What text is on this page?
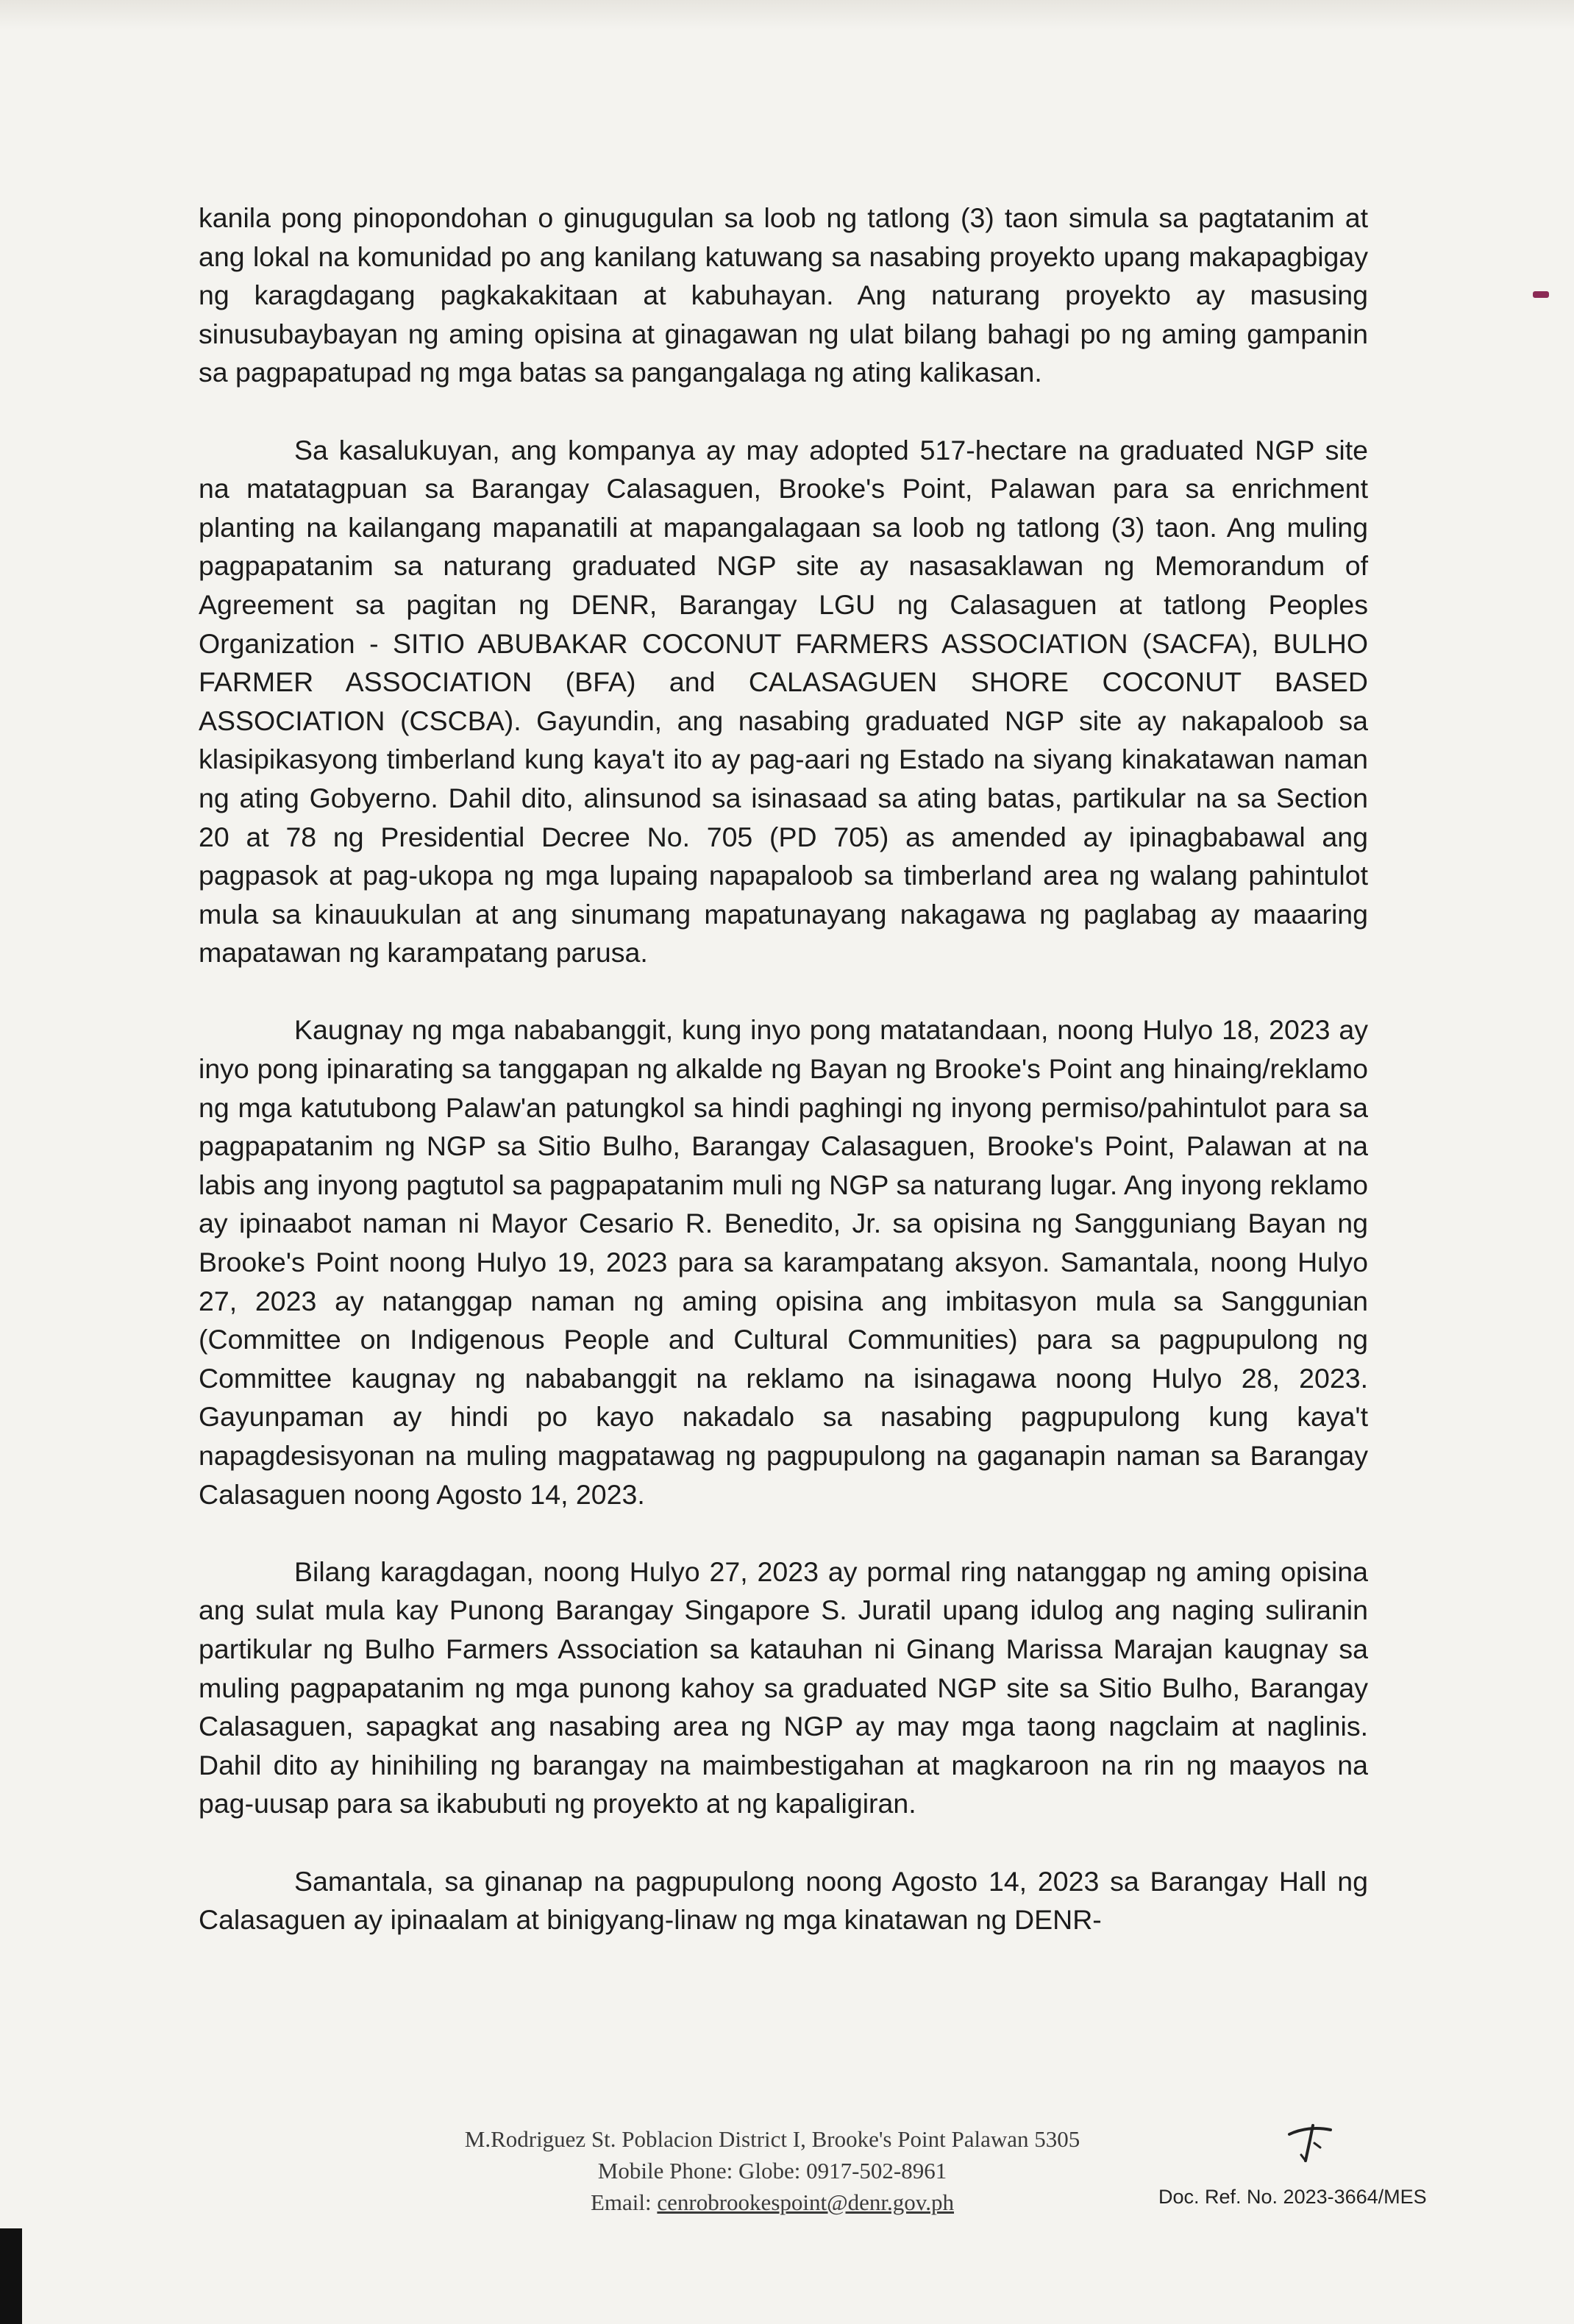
kanila pong pinopondohan o ginugugulan sa loob ng tatlong (3) taon simula sa pagtatanim at ang lokal na komunidad po ang kanilang katuwang sa nasabing proyekto upang makapagbigay ng karagdagang pagkakakitaan at kabuhayan. Ang naturang proyekto ay masusing sinusubaybayan ng aming opisina at ginagawan ng ulat bilang bahagi po ng aming gampanin sa pagpapatupad ng mga batas sa pangangalaga ng ating kalikasan.

Sa kasalukuyan, ang kompanya ay may adopted 517-hectare na graduated NGP site na matatagpuan sa Barangay Calasaguen, Brooke's Point, Palawan para sa enrichment planting na kailangang mapanatili at mapangalagaan sa loob ng tatlong (3) taon. Ang muling pagpapatanim sa naturang graduated NGP site ay nasasaklawan ng Memorandum of Agreement sa pagitan ng DENR, Barangay LGU ng Calasaguen at tatlong Peoples Organization - SITIO ABUBAKAR COCONUT FARMERS ASSOCIATION (SACFA), BULHO FARMER ASSOCIATION (BFA) and CALASAGUEN SHORE COCONUT BASED ASSOCIATION (CSCBA). Gayundin, ang nasabing graduated NGP site ay nakapaloob sa klasipikasyong timberland kung kaya't ito ay pag-aari ng Estado na siyang kinakatawan naman ng ating Gobyerno. Dahil dito, alinsunod sa isinasaad sa ating batas, partikular na sa Section 20 at 78 ng Presidential Decree No. 705 (PD 705) as amended ay ipinagbabawal ang pagpasok at pag-ukopa ng mga lupaing napapaloob sa timberland area ng walang pahintulot mula sa kinauukulan at ang sinumang mapatunayang nakagawa ng paglabag ay maaaring mapatawan ng karampatang parusa.

Kaugnay ng mga nababanggit, kung inyo pong matatandaan, noong Hulyo 18, 2023 ay inyo pong ipinarating sa tanggapan ng alkalde ng Bayan ng Brooke's Point ang hinaing/reklamo ng mga katutubong Palaw'an patungkol sa hindi paghingi ng inyong permiso/pahintulot para sa pagpapatanim ng NGP sa Sitio Bulho, Barangay Calasaguen, Brooke's Point, Palawan at na labis ang inyong pagtutol sa pagpapatanim muli ng NGP sa naturang lugar. Ang inyong reklamo ay ipinaabot naman ni Mayor Cesario R. Benedito, Jr. sa opisina ng Sangguniang Bayan ng Brooke's Point noong Hulyo 19, 2023 para sa karampatang aksyon. Samantala, noong Hulyo 27, 2023 ay natanggap naman ng aming opisina ang imbitasyon mula sa Sanggunian (Committee on Indigenous People and Cultural Communities) para sa pagpupulong ng Committee kaugnay ng nababanggit na reklamo na isinagawa noong Hulyo 28, 2023. Gayunpaman ay hindi po kayo nakadalo sa nasabing pagpupulong kung kaya't napagdesisyonan na muling magpatawag ng pagpupulong na gaganapin naman sa Barangay Calasaguen noong Agosto 14, 2023.

Bilang karagdagan, noong Hulyo 27, 2023 ay pormal ring natanggap ng aming opisina ang sulat mula kay Punong Barangay Singapore S. Juratil upang idulog ang naging suliranin partikular ng Bulho Farmers Association sa katauhan ni Ginang Marissa Marajan kaugnay sa muling pagpapatanim ng mga punong kahoy sa graduated NGP site sa Sitio Bulho, Barangay Calasaguen, sapagkat ang nasabing area ng NGP ay may mga taong nagclaim at naglinis. Dahil dito ay hinihiling ng barangay na maimbestigahan at magkaroon na rin ng maayos na pag-uusap para sa ikabubuti ng proyekto at ng kapaligiran.

Samantala, sa ginanap na pagpupulong noong Agosto 14, 2023 sa Barangay Hall ng Calasaguen ay ipinaalam at binigyang-linaw ng mga kinatawan ng DENR-

M.Rodriguez St. Poblacion District I, Brooke's Point Palawan 5305
Mobile Phone: Globe: 0917-502-8961
Email: cenrobrookespoint@denr.gov.ph	Doc. Ref. No. 2023-3664/MES
